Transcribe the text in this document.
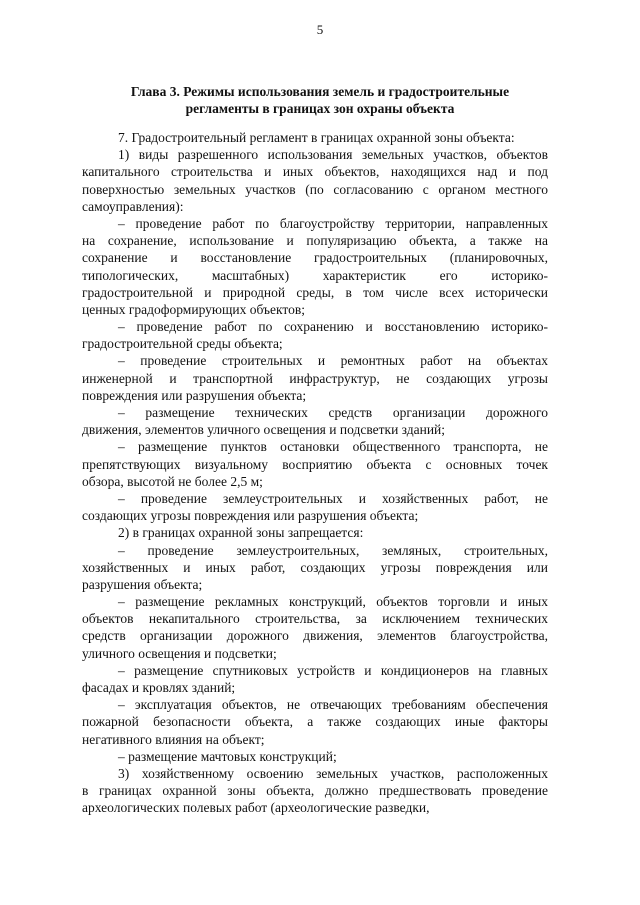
5
Глава 3. Режимы использования земель и градостроительные
регламенты в границах зон охраны объекта
7. Градостроительный регламент в границах охранной зоны объекта:
1) виды разрешенного использования земельных участков, объектов
капитального строительства и иных объектов, находящихся над и под
поверхностью земельных участков (по согласованию с органом местного
самоуправления):
– проведение работ по благоустройству территории, направленных
на сохранение, использование и популяризацию объекта, а также на
сохранение и восстановление градостроительных (планировочных,
типологических, масштабных) характеристик его историко-
градостроительной и природной среды, в том числе всех исторически
ценных градоформирующих объектов;
– проведение работ по сохранению и восстановлению историко-
градостроительной среды объекта;
– проведение строительных и ремонтных работ на объектах
инженерной и транспортной инфраструктур, не создающих угрозы
повреждения или разрушения объекта;
– размещение технических средств организации дорожного
движения, элементов уличного освещения и подсветки зданий;
– размещение пунктов остановки общественного транспорта, не
препятствующих визуальному восприятию объекта с основных точек
обзора, высотой не более 2,5 м;
– проведение землеустроительных и хозяйственных работ, не
создающих угрозы повреждения или разрушения объекта;
2) в границах охранной зоны запрещается:
– проведение землеустроительных, земляных, строительных,
хозяйственных и иных работ, создающих угрозы повреждения или
разрушения объекта;
– размещение рекламных конструкций, объектов торговли и иных
объектов некапитального строительства, за исключением технических
средств организации дорожного движения, элементов благоустройства,
уличного освещения и подсветки;
– размещение спутниковых устройств и кондиционеров на главных
фасадах и кровлях зданий;
– эксплуатация объектов, не отвечающих требованиям обеспечения
пожарной безопасности объекта, а также создающих иные факторы
негативного влияния на объект;
– размещение мачтовых конструкций;
3) хозяйственному освоению земельных участков, расположенных
в границах охранной зоны объекта, должно предшествовать проведение
археологических полевых работ (археологические разведки,
